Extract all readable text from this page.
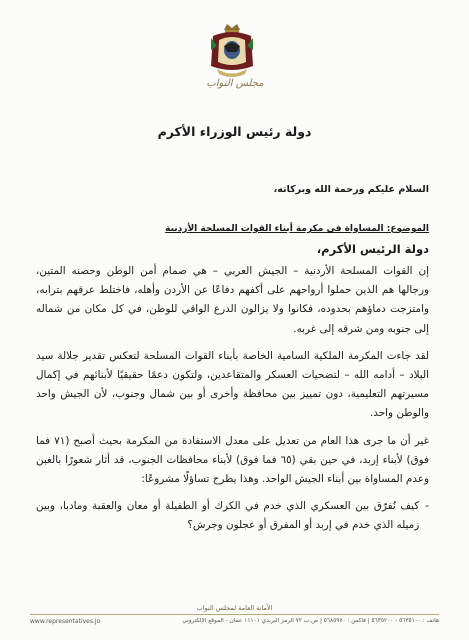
مجلس النواب
دولة رئيس الوزراء الأكرم
السلام عليكم ورحمة الله وبركاته،
الموضوع: المساواة في مكرمة أبناء القوات المسلحة الأردنية
دولة الرئيس الأكرم،

إن القوات المسلحة الأردنية – الجيش العربي – هي صمام أمن الوطن وحصنه المتين، ورجالها هم الذين حملوا أرواحهم على أكفهم دفاعًا عن الأردن وأهله، فاختلط عرقهم بترابه، وامتزجت دماؤهم بحدوده، فكانوا ولا يزالون الدرع الواقي للوطن، في كل مكان من شماله إلى جنوبه ومن شرقه إلى غربه.

لقد جاءت المكرمة الملكية السامية الخاصة بأبناء القوات المسلحة لتعكس تقدير جلالة سيد البلاد – أدامه الله – لتضحيات العسكر والمتقاعدين، ولتكون دعمًا حقيقيًا لأبنائهم في إكمال مسيرتهم التعليمية، دون تمييز بين محافظة وأخرى أو بين شمال وجنوب، لأن الجيش واحد والوطن واحد.

غير أن ما جرى هذا العام من تعديل على معدل الاستفادة من المكرمة بحيث أصبح (٧١ فما فوق) لأبناء إربد، في حين بقي (٦٥ فما فوق) لأبناء محافظات الجنوب، قد أثار شعورًا بالغبن وعدم المساواة بين أبناء الجيش الواحد. وهذا يطرح تساؤلًا مشروعًا:

-
كيف نُفرّق بين العسكري الذي خدم في الكرك أو الطفيلة أو معان والعقبة ومادبا، وبين زميله الذي خدم في إربد أو المفرق أو عجلون وجرش؟
الأمانة العامة لمجلس النواب
www.representatives.jo	هاتف : ٥٦٣٥١٠٠ - ٥٦٣٥٢٠٠ | فاكس : ٥٦٨٥٩٧٠ | ص.ب ٧٢ الرمز البريدي ١١١٠١ عمان - الموقع الإلكتروني
